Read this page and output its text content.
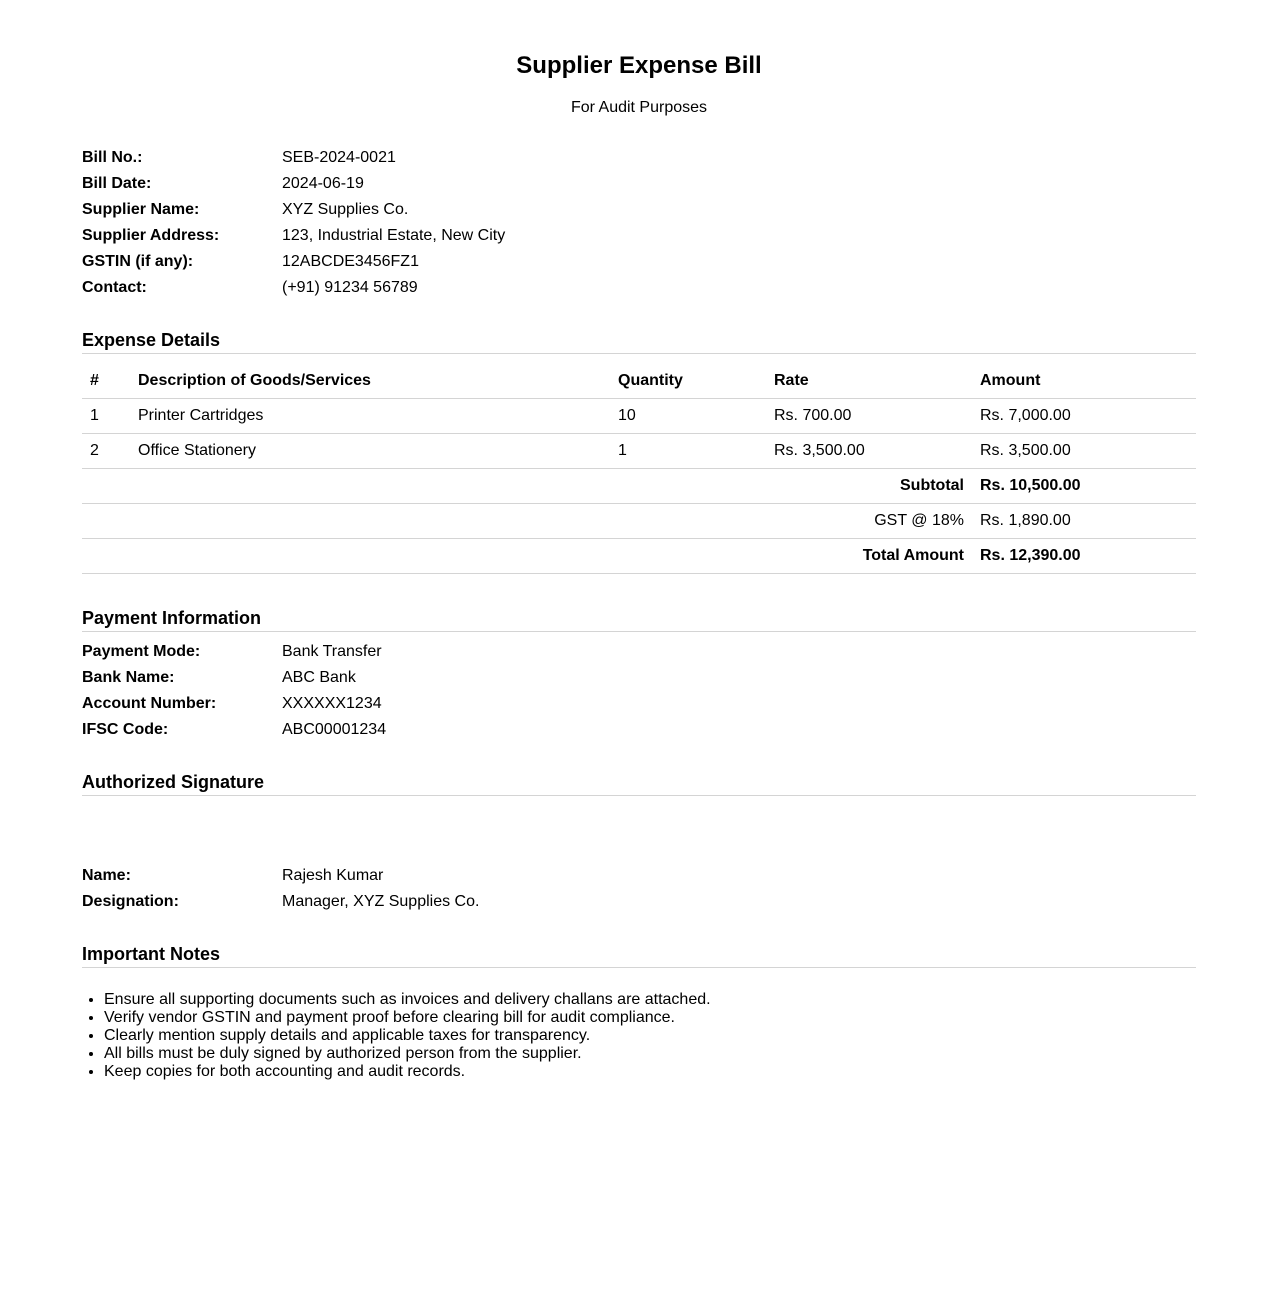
Supplier Expense Bill
For Audit Purposes
Bill No.:	SEB-2024-0021
Bill Date:	2024-06-19
Supplier Name:	XYZ Supplies Co.
Supplier Address:	123, Industrial Estate, New City
GSTIN (if any):	12ABCDE3456FZ1
Contact:	(+91) 91234 56789
Expense Details
#	Description of Goods/Services	Quantity	Rate	Amount
1	Printer Cartridges	10	Rs. 700.00	Rs. 7,000.00
2	Office Stationery	1	Rs. 3,500.00	Rs. 3,500.00
Subtotal				Rs. 10,500.00
GST @ 18%				Rs. 1,890.00
Total Amount				Rs. 12,390.00
Payment Information
Payment Mode:	Bank Transfer
Bank Name:	ABC Bank
Account Number:	XXXXXX1234
IFSC Code:	ABC00001234
Authorized Signature
Name:	Rajesh Kumar
Designation:	Manager, XYZ Supplies Co.
Important Notes
• Ensure all supporting documents such as invoices and delivery challans are attached.
• Verify vendor GSTIN and payment proof before clearing bill for audit compliance.
• Clearly mention supply details and applicable taxes for transparency.
• All bills must be duly signed by authorized person from the supplier.
• Keep copies for both accounting and audit records.
